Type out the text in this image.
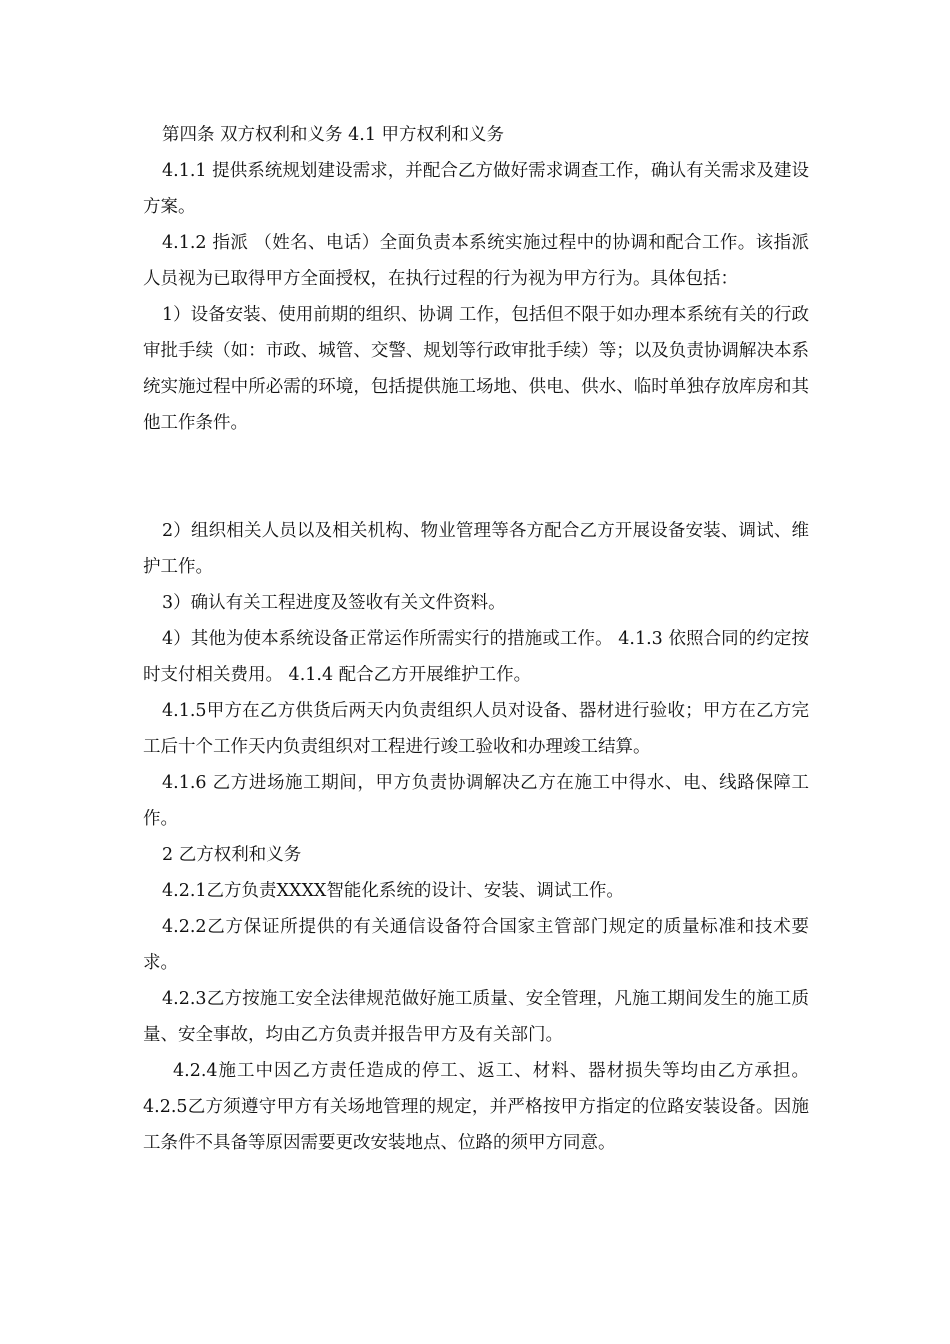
第四条 双方权利和义务 4.1 甲方权利和义务

4.1.1 提供系统规划建设需求，并配合乙方做好需求调查工作，确认有关需求及建设方案。

4.1.2 指派 （姓名、电话）全面负责本系统实施过程中的协调和配合工作。该指派人员视为已取得甲方全面授权，在执行过程的行为视为甲方行为。具体包括：

1）设备安装、使用前期的组织、协调 工作，包括但不限于如办理本系统有关的行政审批手续（如：市政、城管、交警、规划等行政审批手续）等；以及负责协调解决本系统实施过程中所必需的环境，包括提供施工场地、供电、供水、临时单独存放库房和其他工作条件。

2）组织相关人员以及相关机构、物业管理等各方配合乙方开展设备安装、调试、维护工作。

3）确认有关工程进度及签收有关文件资料。

4）其他为使本系统设备正常运作所需实行的措施或工作。 4.1.3 依照合同的约定按时支付相关费用。 4.1.4 配合乙方开展维护工作。

4.1.5甲方在乙方供货后两天内负责组织人员对设备、器材进行验收；甲方在乙方完工后十个工作天内负责组织对工程进行竣工验收和办理竣工结算。

4.1.6 乙方进场施工期间，甲方负责协调解决乙方在施工中得水、电、线路保障工作。

2 乙方权利和义务

4.2.1乙方负责XXXX智能化系统的设计、安装、调试工作。

4.2.2乙方保证所提供的有关通信设备符合国家主管部门规定的质量标准和技术要求。

4.2.3乙方按施工安全法律规范做好施工质量、安全管理，凡施工期间发生的施工质量、安全事故，均由乙方负责并报告甲方及有关部门。

4.2.4施工中因乙方责任造成的停工、返工、材料、器材损失等均由乙方承担。 4.2.5乙方须遵守甲方有关场地管理的规定，并严格按甲方指定的位路安装设备。因施工条件不具备等原因需要更改安装地点、位路的须甲方同意。
